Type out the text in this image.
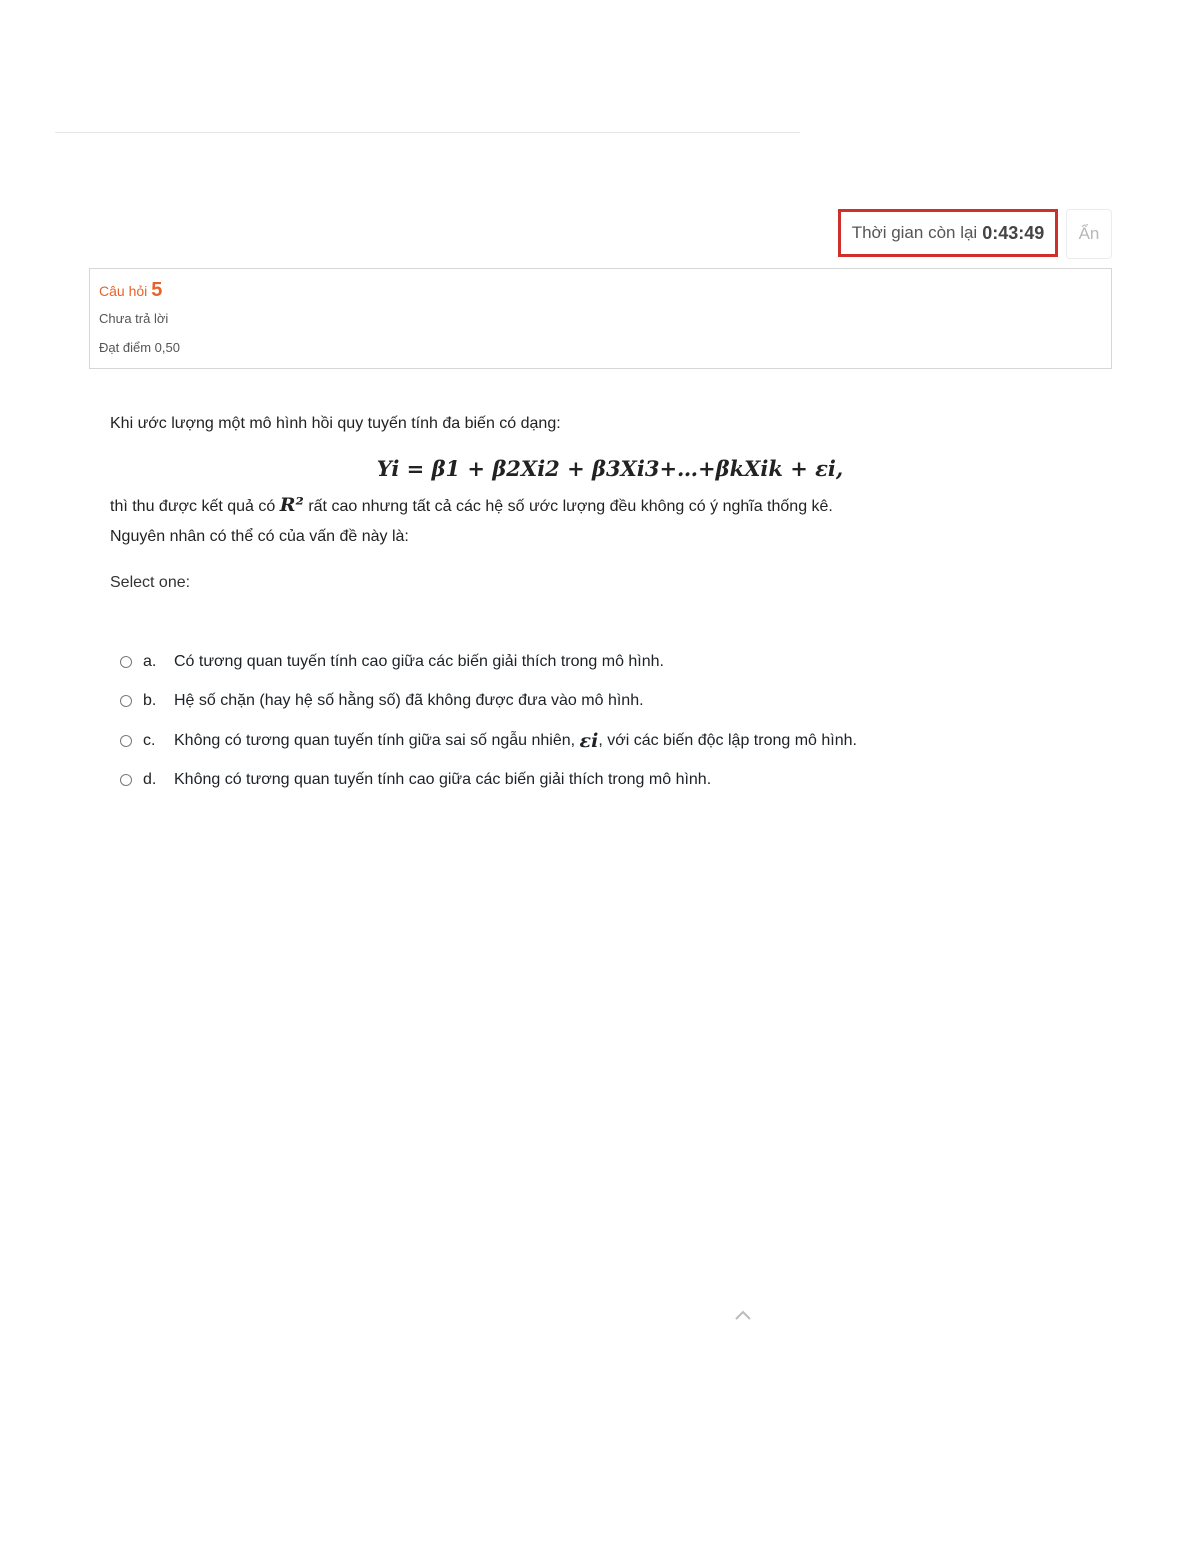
Thời gian còn lại 0:43:49	Ẩn
Câu hỏi 5
Chưa trả lời
Đạt điểm 0,50
Khi ước lượng một mô hình hồi quy tuyến tính đa biến có dạng:
Yi = β1 + β2Xi2 + β3Xi3+…+βkXik + εi,
thì thu được kết quả có R² rất cao nhưng tất cả các hệ số ước lượng đều không có ý nghĩa thống kê.
Nguyên nhân có thể có của vấn đề này là:
Select one:
a.	Có tương quan tuyến tính cao giữa các biến giải thích trong mô hình.
b.	Hệ số chặn (hay hệ số hằng số) đã không được đưa vào mô hình.
c.	Không có tương quan tuyến tính giữa sai số ngẫu nhiên,
εi , với các biến độc lập trong mô hình.
d.	Không có tương quan tuyến tính cao giữa các biến giải thích trong mô hình.
